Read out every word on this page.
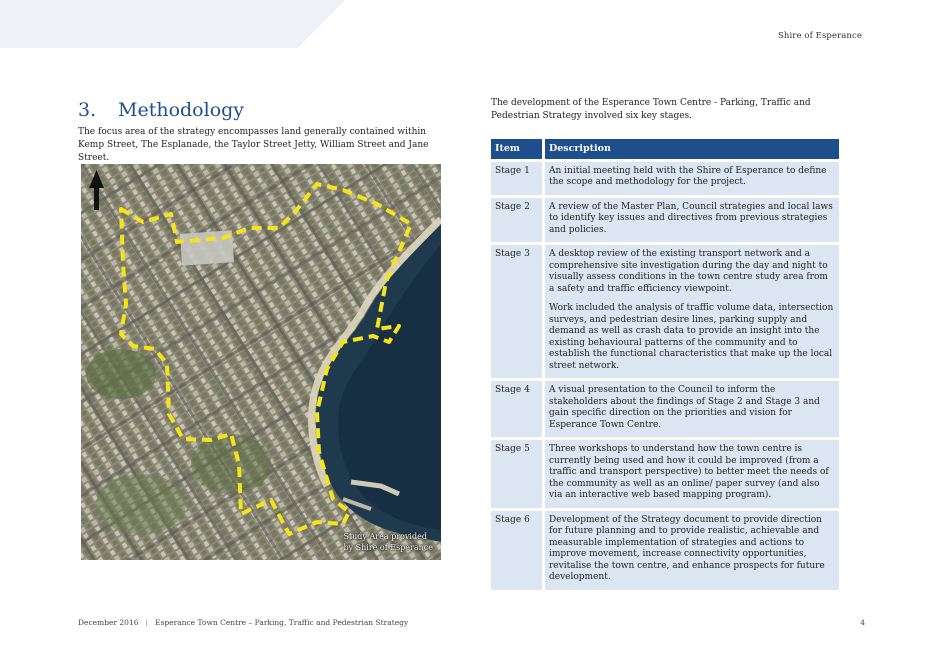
Shire of Esperance
3. Methodology

The focus area of the strategy encompasses land generally contained within Kemp Street, The Esplanade, the Taylor Street Jetty, William Street and Jane Street.

Study Area provided
by Shire of Esperance

The development of the Esperance Town Centre - Parking, Traffic and Pedestrian Strategy involved six key stages.

Item	Description
Stage 1	An initial meeting held with the Shire of Esperance to define the scope and methodology for the project.

Stage 2	A review of the Master Plan, Council strategies and local laws to identify key issues and directives from previous strategies and policies.

Stage 3	A desktop review of the existing transport network and a comprehensive site investigation during the day and night to visually assess conditions in the town centre study area from a safety and traffic efficiency viewpoint.

Work included the analysis of traffic volume data, intersection surveys, and pedestrian desire lines, parking supply and demand as well as crash data to provide an insight into the existing behavioural patterns of the community and to establish the functional characteristics that make up the local street network.

Stage 4	A visual presentation to the Council to inform the stakeholders about the findings of Stage 2 and Stage 3 and gain specific direction on the priorities and vision for Esperance Town Centre.

Stage 5	Three workshops to understand how the town centre is currently being used and how it could be improved (from a traffic and transport perspective) to better meet the needs of the community as well as an online/ paper survey (and also via an interactive web based mapping program).

Stage 6	Development of the Strategy document to provide direction for future planning and to provide realistic, achievable and measurable implementation of strategies and actions to improve movement, increase connectivity opportunities, revitalise the town centre, and enhance prospects for future development.

December 2016 | Esperance Town Centre – Parking, Traffic and Pedestrian Strategy	4
